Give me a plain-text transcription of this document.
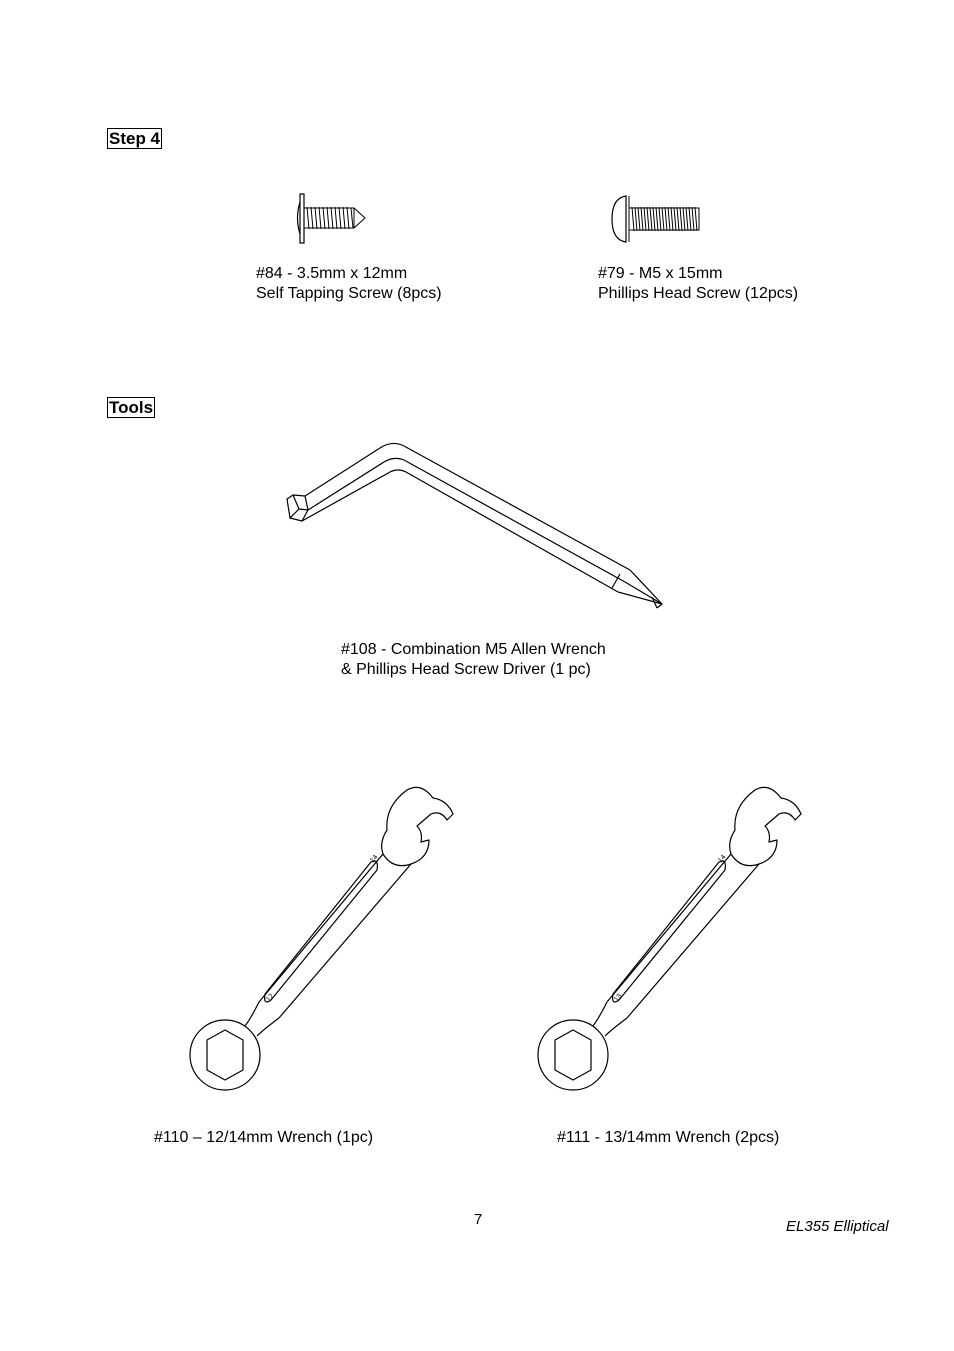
Step 4
Tools
#84 - 3.5mm x 12mm
Self Tapping Screw (8pcs)
#79 - M5 x 15mm
Phillips Head Screw (12pcs)
#108 - Combination M5 Allen Wrench
& Phillips Head Screw Driver (1 pc)
14
12
14
13
#110 – 12/14mm Wrench (1pc)	#111 - 13/14mm Wrench (2pcs)
7	EL355 Elliptical
